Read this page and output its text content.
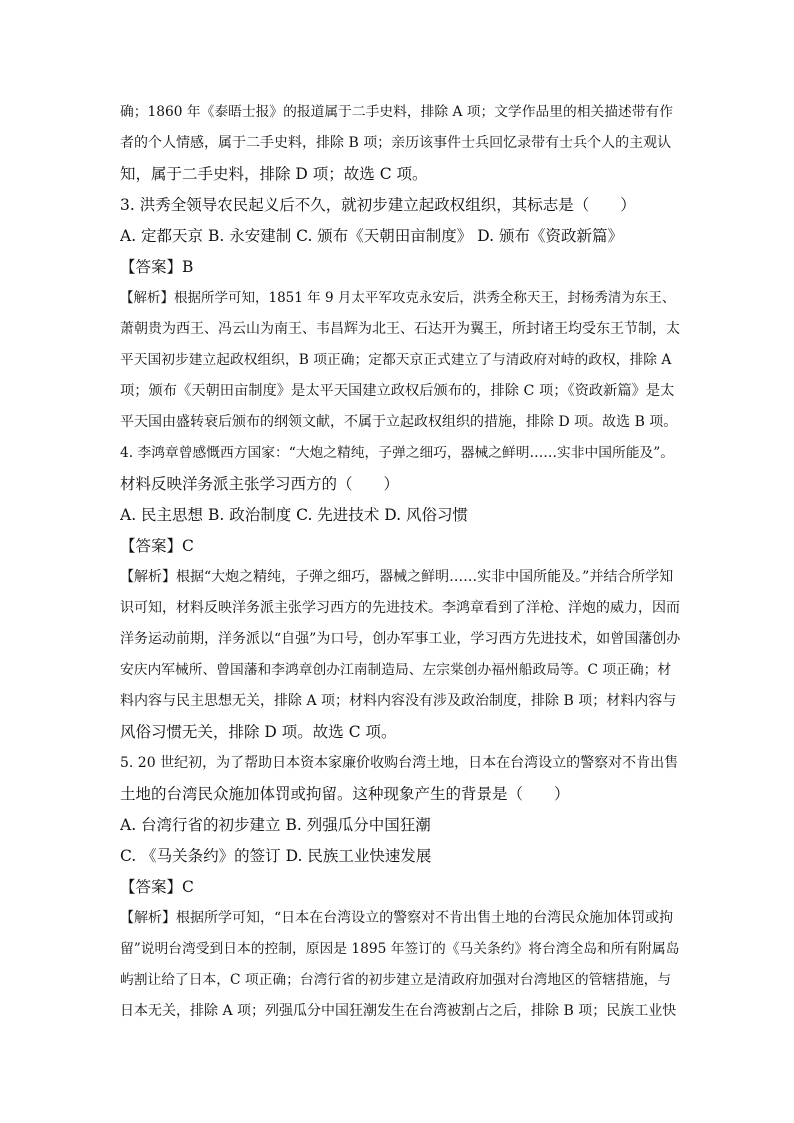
确；1860 年《泰晤士报》的报道属于二手史料，排除 A 项；文学作品里的相关描述带有作
者的个人情感，属于二手史料，排除 B 项；亲历该事件士兵回忆录带有士兵个人的主观认
知，属于二手史料，排除 D 项；故选 C 项。
3. 洪秀全领导农民起义后不久，就初步建立起政权组织，其标志是（　　）
A. 定都天京 B. 永安建制 C. 颁布《天朝田亩制度》 D. 颁布《资政新篇》
【答案】B
【解析】根据所学可知，1851 年 9 月太平军攻克永安后，洪秀全称天王，封杨秀清为东王、
萧朝贵为西王、冯云山为南王、韦昌辉为北王、石达开为翼王，所封诸王均受东王节制，太
平天国初步建立起政权组织，B 项正确；定都天京正式建立了与清政府对峙的政权，排除 A
项；颁布《天朝田亩制度》是太平天国建立政权后颁布的，排除 C 项；《资政新篇》是太
平天国由盛转衰后颁布的纲领文献，不属于立起政权组织的措施，排除 D 项。故选 B 项。
4. 李鸿章曾感慨西方国家：“大炮之精纯，子弹之细巧，器械之鲜明……实非中国所能及”。
材料反映洋务派主张学习西方的（　　）
A. 民主思想 B. 政治制度 C. 先进技术 D. 风俗习惯
【答案】C
【解析】根据“大炮之精纯，子弹之细巧，器械之鲜明……实非中国所能及。”并结合所学知
识可知，材料反映洋务派主张学习西方的先进技术。李鸿章看到了洋枪、洋炮的威力，因而
洋务运动前期，洋务派以“自强”为口号，创办军事工业，学习西方先进技术，如曾国藩创办
安庆内军械所、曾国藩和李鸿章创办江南制造局、左宗棠创办福州船政局等。C 项正确；材
料内容与民主思想无关，排除 A 项；材料内容没有涉及政治制度，排除 B 项；材料内容与
风俗习惯无关，排除 D 项。故选 C 项。
5. 20 世纪初，为了帮助日本资本家廉价收购台湾土地，日本在台湾设立的警察对不肯出售
土地的台湾民众施加体罚或拘留。这种现象产生的背景是（　　）
A. 台湾行省的初步建立 B. 列强瓜分中国狂潮
C. 《马关条约》的签订 D. 民族工业快速发展
【答案】C
【解析】根据所学可知，“日本在台湾设立的警察对不肯出售土地的台湾民众施加体罚或拘
留”说明台湾受到日本的控制，原因是 1895 年签订的《马关条约》将台湾全岛和所有附属岛
屿割让给了日本，C 项正确；台湾行省的初步建立是清政府加强对台湾地区的管辖措施，与
日本无关，排除 A 项；列强瓜分中国狂潮发生在台湾被割占之后，排除 B 项；民族工业快
